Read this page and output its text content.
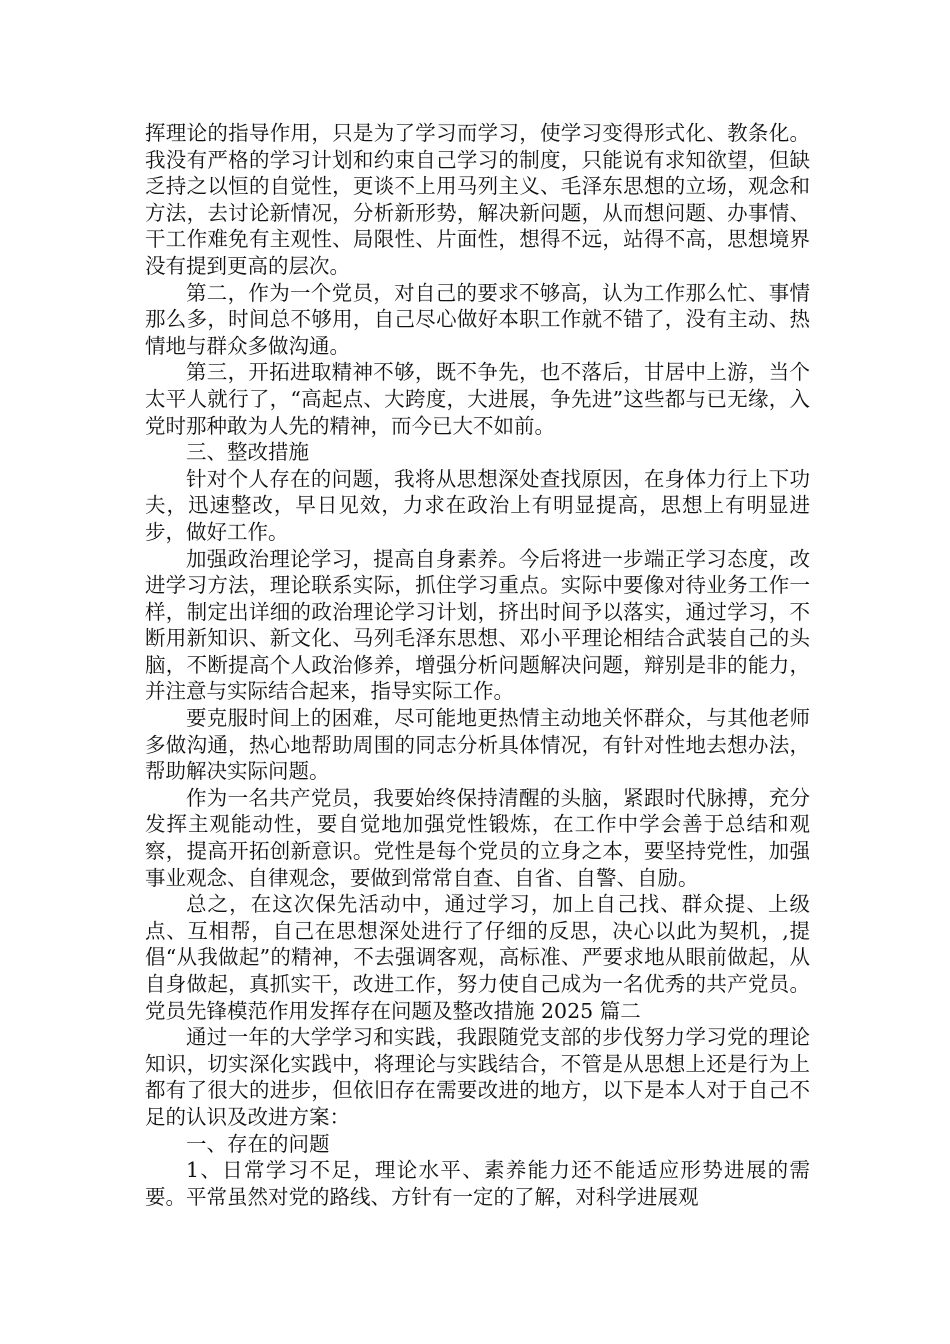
挥理论的指导作用，只是为了学习而学习，使学习变得形式化、教条化。我没有严格的学习计划和约束自己学习的制度，只能说有求知欲望，但缺乏持之以恒的自觉性，更谈不上用马列主义、毛泽东思想的立场，观念和方法，去讨论新情况，分析新形势，解决新问题，从而想问题、办事情、干工作难免有主观性、局限性、片面性，想得不远，站得不高，思想境界没有提到更高的层次。

第二，作为一个党员，对自己的要求不够高，认为工作那么忙、事情那么多，时间总不够用，自己尽心做好本职工作就不错了，没有主动、热情地与群众多做沟通。

第三，开拓进取精神不够，既不争先，也不落后，甘居中上游，当个太平人就行了，“高起点、大跨度，大进展，争先进”这些都与已无缘，入党时那种敢为人先的精神，而今已大不如前。

三、整改措施

针对个人存在的问题，我将从思想深处查找原因，在身体力行上下功夫，迅速整改，早日见效，力求在政治上有明显提高，思想上有明显进步，做好工作。

加强政治理论学习，提高自身素养。今后将进一步端正学习态度，改进学习方法，理论联系实际，抓住学习重点。实际中要像对待业务工作一样，制定出详细的政治理论学习计划，挤出时间予以落实，通过学习，不断用新知识、新文化、马列毛泽东思想、邓小平理论相结合武装自己的头脑，不断提高个人政治修养，增强分析问题解决问题，辩别是非的能力，并注意与实际结合起来，指导实际工作。

要克服时间上的困难，尽可能地更热情主动地关怀群众，与其他老师多做沟通，热心地帮助周围的同志分析具体情况，有针对性地去想办法，帮助解决实际问题。

作为一名共产党员，我要始终保持清醒的头脑，紧跟时代脉搏，充分发挥主观能动性，要自觉地加强党性锻炼，在工作中学会善于总结和观察，提高开拓创新意识。党性是每个党员的立身之本，要坚持党性，加强事业观念、自律观念，要做到常常自查、自省、自警、自励。

总之，在这次保先活动中，通过学习，加上自己找、群众提、上级点、互相帮，自己在思想深处进行了仔细的反思，决心以此为契机，,提倡“从我做起”的精神，不去强调客观，高标准、严要求地从眼前做起，从自身做起，真抓实干，改进工作，努力使自己成为一名优秀的共产党员。党员先锋模范作用发挥存在问题及整改措施 2025 篇二

通过一年的大学学习和实践，我跟随党支部的步伐努力学习党的理论知识，切实深化实践中，将理论与实践结合，不管是从思想上还是行为上都有了很大的进步，但依旧存在需要改进的地方，以下是本人对于自己不足的认识及改进方案：

一、存在的问题

1、日常学习不足，理论水平、素养能力还不能适应形势进展的需要。平常虽然对党的路线、方针有一定的了解，对科学进展观
